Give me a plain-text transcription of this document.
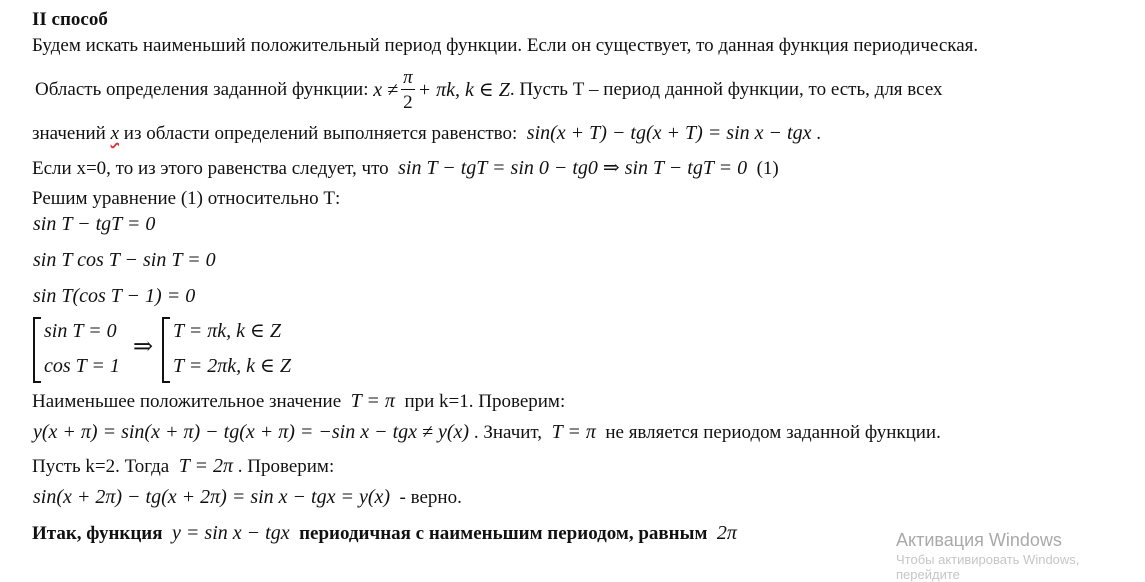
II способ
Будем искать наименьший положительный период функции. Если он существует, то данная функция периодическая.
Область определения заданной функции:
$x \ne \frac{\pi}{2} + \pi k$, k ∈ Z . Пусть Т – период данной функции, то есть, для всех
значений x из области определений выполняется равенство: sin(x + T) − tg(x + T) = sin x − tgx .
Если х=0, то из этого равенства следует, что sin T − tgT = sin 0 − tg0 ⇒ sin T − tgT = 0 (1)
Решим уравнение (1) относительно Т:
sin T − tgT = 0
sin T cos T − sin T = 0
sin T(cos T − 1) = 0
sin T = 0
cos T = 1
⇒
T = πk, k ∈ Z
T = 2πk, k ∈ Z
Наименьшее положительное значение T = π при k=1. Проверим:
y(x + π) = sin(x + π) − tg(x + π) = −sin x − tgx ≠ y(x) . Значит, T = π не является периодом заданной функции.
Пусть k=2. Тогда T = 2π . Проверим:
sin(x + 2π) − tg(x + 2π) = sin x − tgx = y(x) - верно.
Итак, функция y = sin x − tgx периодичная с наименьшим периодом, равным 2π	Активация Windows
Чтобы активировать Windows, перейдите
